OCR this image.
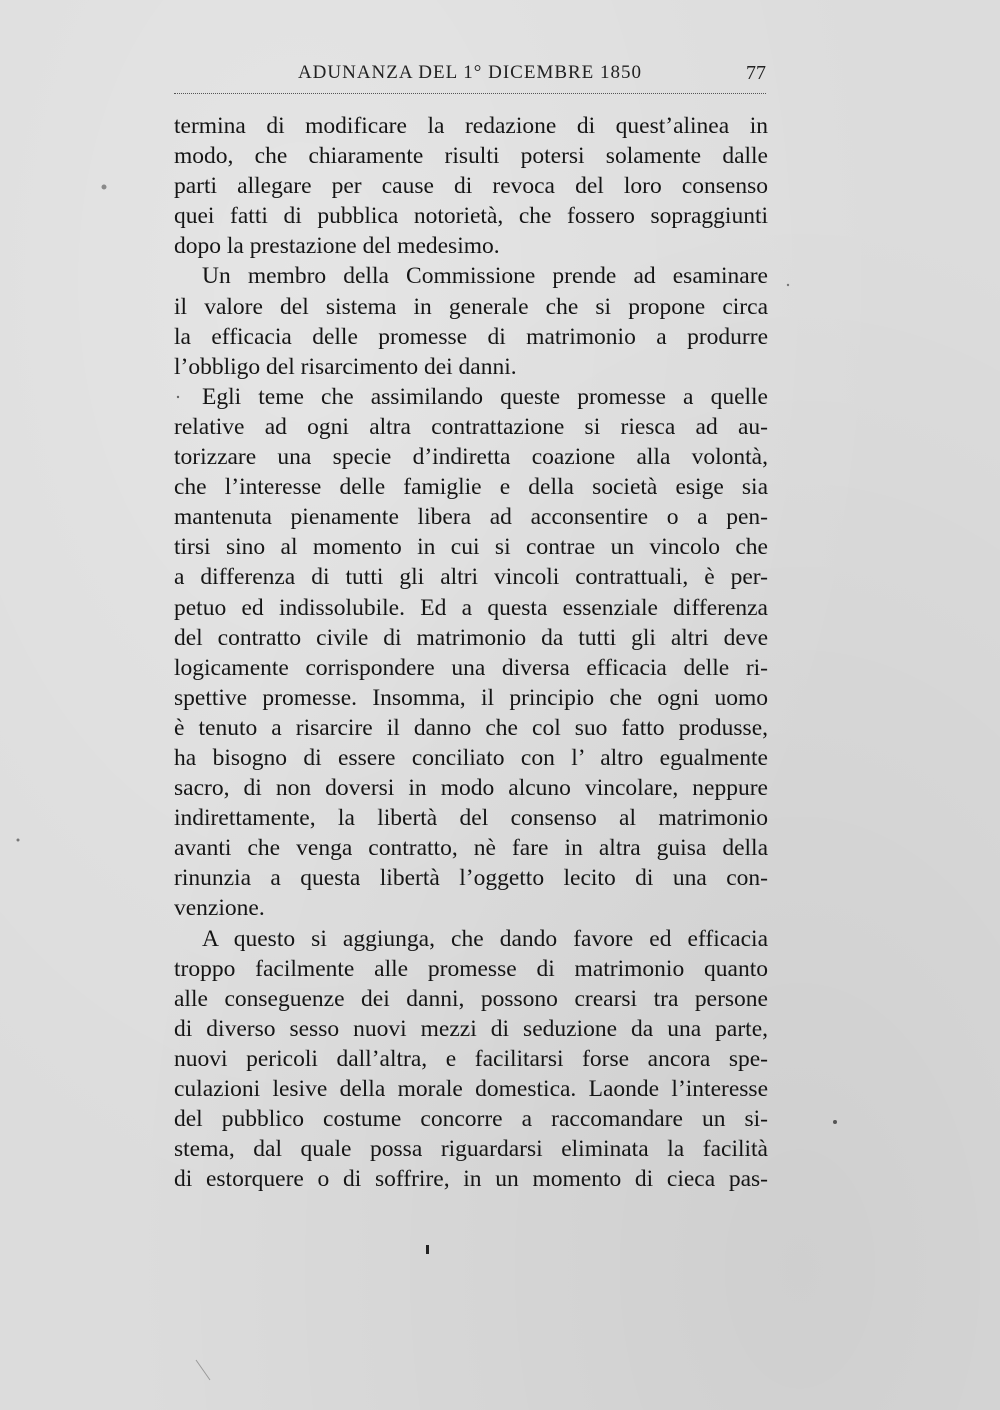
ADUNANZA DEL 1° DICEMBRE 1850	77
termina di modificare la redazione di quest’alinea in
modo, che chiaramente risulti potersi solamente dalle
parti allegare per cause di revoca del loro consenso
quei fatti di pubblica notorietà, che fossero sopraggiunti
dopo la prestazione del medesimo.
Un membro della Commissione prende ad esaminare
il valore del sistema in generale che si propone circa
la efficacia delle promesse di matrimonio a produrre
l’obbligo del risarcimento dei danni.
Egli teme che assimilando queste promesse a quelle
relative ad ogni altra contrattazione si riesca ad au-
torizzare una specie d’indiretta coazione alla volontà,
che l’interesse delle famiglie e della società esige sia
mantenuta pienamente libera ad acconsentire o a pen-
tirsi sino al momento in cui si contrae un vincolo che
a differenza di tutti gli altri vincoli contrattuali, è per-
petuo ed indissolubile. Ed a questa essenziale differenza
del contratto civile di matrimonio da tutti gli altri deve
logicamente corrispondere una diversa efficacia delle ri-
spettive promesse. Insomma, il principio che ogni uomo
è tenuto a risarcire il danno che col suo fatto produsse,
ha bisogno di essere conciliato con l’ altro egualmente
sacro, di non doversi in modo alcuno vincolare, neppure
indirettamente, la libertà del consenso al matrimonio
avanti che venga contratto, nè fare in altra guisa della
rinunzia a questa libertà l’oggetto lecito di una con-
venzione.
A questo si aggiunga, che dando favore ed efficacia
troppo facilmente alle promesse di matrimonio quanto
alle conseguenze dei danni, possono crearsi tra persone
di diverso sesso nuovi mezzi di seduzione da una parte,
nuovi pericoli dall’altra, e facilitarsi forse ancora spe-
culazioni lesive della morale domestica. Laonde l’interesse
del pubblico costume concorre a raccomandare un si-
stema, dal quale possa riguardarsi eliminata la facilità
di estorquere o di soffrire, in un momento di cieca pas-
